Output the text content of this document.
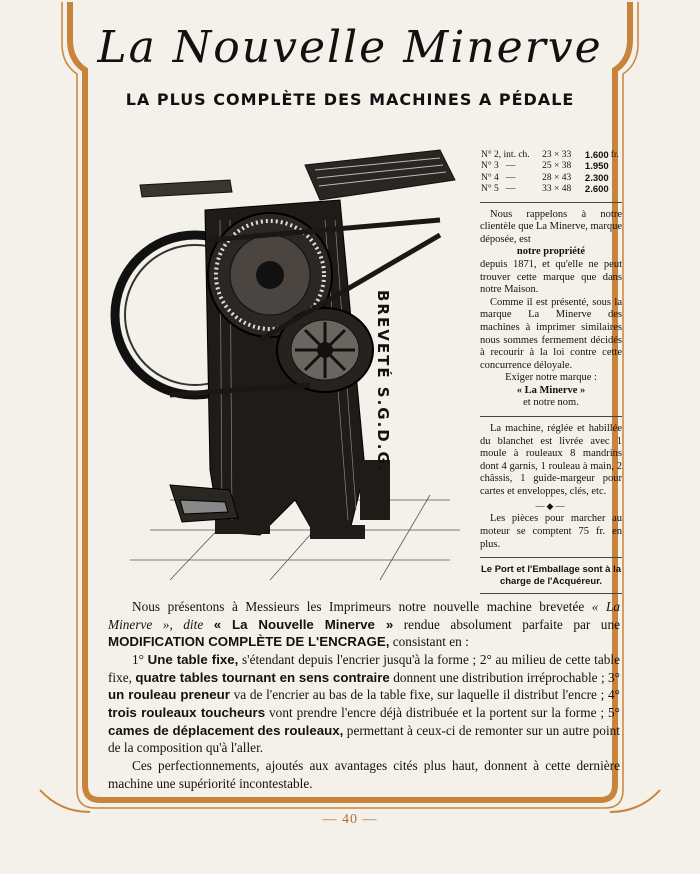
La Nouvelle Minerve
LA PLUS COMPLÈTE DES MACHINES A PÉDALE
BREVETÉ S.G.D.G.
N° 2, int. ch.	23 × 33	1.600	fr.
N° 3 —	25 × 38	1.950	
N° 4 —	28 × 43	2.300	
N° 5 —	33 × 48	2.600	
Nous rappelons à notre clientèle que La Minerve, marque déposée, est
notre propriété
depuis 1871, et qu'elle ne peut trouver cette marque que dans notre Maison.
Comme il est présenté, sous la marque La Minerve des machines à imprimer similaires nous sommes fermement décidés à recourir à la loi contre cette concurrence déloyale.
Exiger notre marque :
« La Minerve »
et notre nom.
La machine, réglée et habillée du blanchet est livrée avec 1 moule à rouleaux 8 mandrins dont 4 garnis, 1 rouleau à main, 2 châssis, 1 guide-margeur pour cartes et enveloppes, clés, etc.
—◆—
Les pièces pour marcher au moteur se comptent 75 fr. en plus.
Le Port et l'Emballage sont à la charge de l'Acquéreur.

Nous présentons à Messieurs les Imprimeurs notre nouvelle machine brevetée « La Minerve », dite « La Nouvelle Minerve » rendue absolument parfaite par une MODIFICATION COMPLÈTE DE L'ENCRAGE, consistant en :

1° Une table fixe, s'étendant depuis l'encrier jusqu'à la forme ; 2° au milieu de cette table fixe, quatre tables tournant en sens contraire donnent une distribution irréprochable ; 3° un rouleau preneur va de l'encrier au bas de la table fixe, sur laquelle il distribut l'encre ; 4° trois rouleaux toucheurs vont prendre l'encre déjà distribuée et la portent sur la forme ; 5° cames de déplacement des rouleaux, permettant à ceux-ci de remonter sur un autre point de la composition qu'à l'aller.

Ces perfectionnements, ajoutés aux avantages cités plus haut, donnent à cette dernière machine une supériorité incontestable.

— 40 —
